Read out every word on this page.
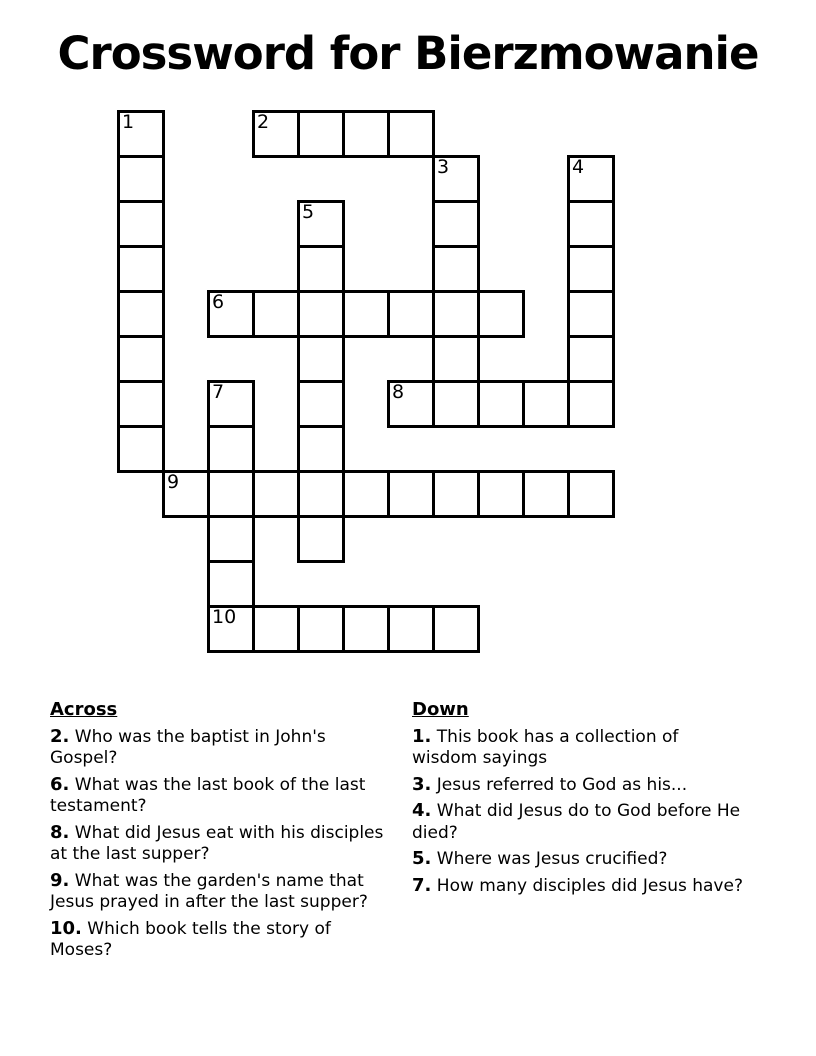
Crossword for Bierzmowanie
1	2
3	4
5
6
7
10
8
9
Across
2. Who was the baptist in John's Gospel?
6. What was the last book of the last testament?
8. What did Jesus eat with his disciples at the last supper?
9. What was the garden's name that Jesus prayed in after the last supper?
10. Which book tells the story of Moses?
Down
1. This book has a collection of wisdom sayings
3. Jesus referred to God as his...
4. What did Jesus do to God before He died?
5. Where was Jesus crucified?
7. How many disciples did Jesus have?
